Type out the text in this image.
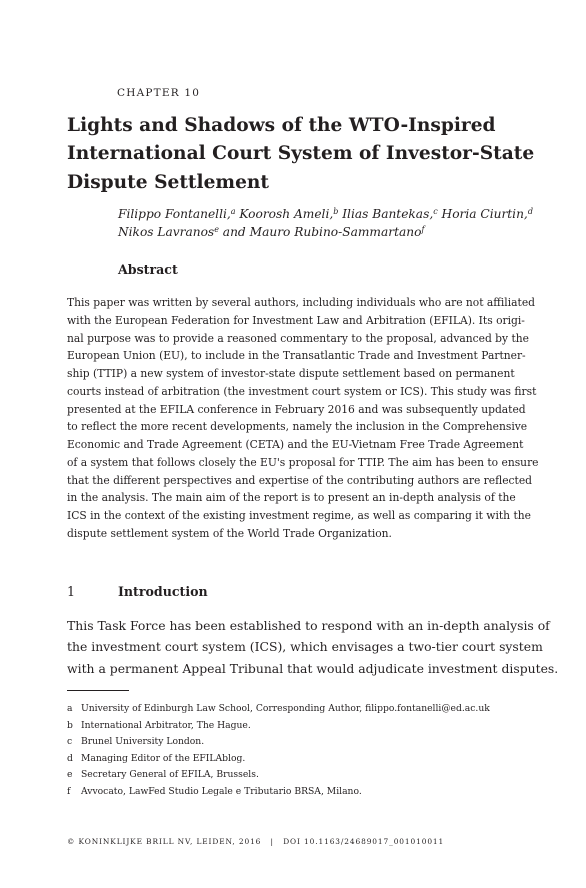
CHAPTER 10
Lights and Shadows of the WTO-Inspired
International Court System of Investor-State
Dispute Settlement
Filippo Fontanelli,$^a$ Koorosh Ameli,$^b$ Ilias Bantekas,$^c$ Horia Ciurtin,$^d$
Nikos Lavranos$^e$ and Mauro Rubino-Sammartano$^f$
Abstract
This paper was written by several authors, including individuals who are not affiliated
with the European Federation for Investment Law and Arbitration (EFILA). Its origi-
nal purpose was to provide a reasoned commentary to the proposal, advanced by the
European Union (EU), to include in the Transatlantic Trade and Investment Partner-
ship (TTIP) a new system of investor-state dispute settlement based on permanent
courts instead of arbitration (the investment court system or ICS). This study was first
presented at the EFILA conference in February 2016 and was subsequently updated
to reflect the more recent developments, namely the inclusion in the Comprehensive
Economic and Trade Agreement (CETA) and the EU-Vietnam Free Trade Agreement
of a system that follows closely the EU's proposal for TTIP. The aim has been to ensure
that the different perspectives and expertise of the contributing authors are reflected
in the analysis. The main aim of the report is to present an in-depth analysis of the
ICS in the context of the existing investment regime, as well as comparing it with the
dispute settlement system of the World Trade Organization.
1	Introduction
This Task Force has been established to respond with an in-depth analysis of
the investment court system (ICS), which envisages a two-tier court system
with a permanent Appeal Tribunal that would adjudicate investment disputes.
a University of Edinburgh Law School, Corresponding Author, filippo.fontanelli@ed.ac.uk
b International Arbitrator, The Hague.
c Brunel University London.
d Managing Editor of the EFILAblog.
e Secretary General of EFILA, Brussels.
f	Avvocato, LawFed Studio Legale e Tributario BRSA, Milano.
© KONINKLIJKE BRILL NV, LEIDEN, 2016 | DOI 10.1163/24689017_001010011
